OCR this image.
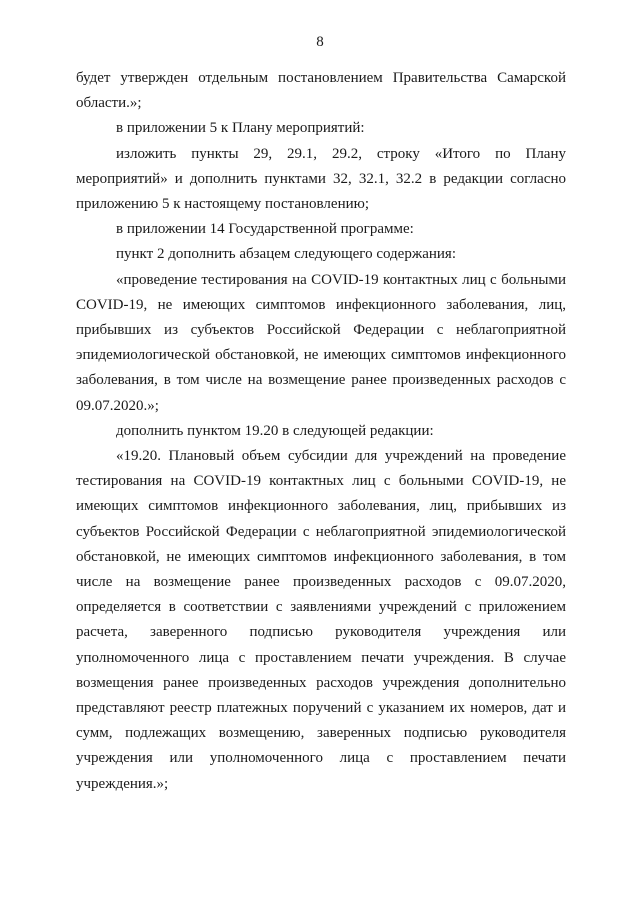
8

будет утвержден отдельным постановлением Правительства Самарской области.»;

в приложении 5 к Плану мероприятий:

изложить пункты 29, 29.1, 29.2, строку «Итого по Плану мероприятий» и дополнить пунктами 32, 32.1, 32.2 в редакции согласно приложению 5 к настоящему постановлению;

в приложении 14 Государственной программе:

пункт 2 дополнить абзацем следующего содержания:

«проведение тестирования на COVID-19 контактных лиц с больными COVID-19, не имеющих симптомов инфекционного заболевания, лиц, прибывших из субъектов Российской Федерации с неблагоприятной эпидемиологической обстановкой, не имеющих симптомов инфекционного заболевания, в том числе на возмещение ранее произведенных расходов с 09.07.2020.»;

дополнить пунктом 19.20 в следующей редакции:

«19.20. Плановый объем субсидии для учреждений на проведение тестирования на COVID-19 контактных лиц с больными COVID-19, не имеющих симптомов инфекционного заболевания, лиц, прибывших из субъектов Российской Федерации с неблагоприятной эпидемиологической обстановкой, не имеющих симптомов инфекционного заболевания, в том числе на возмещение ранее произведенных расходов с 09.07.2020, определяется в соответствии с заявлениями учреждений с приложением расчета, заверенного подписью руководителя учреждения или уполномоченного лица с проставлением печати учреждения. В случае возмещения ранее произведенных расходов учреждения дополнительно представляют реестр платежных поручений с указанием их номеров, дат и сумм, подлежащих возмещению, заверенных подписью руководителя учреждения или уполномоченного лица с проставлением печати учреждения.»;
